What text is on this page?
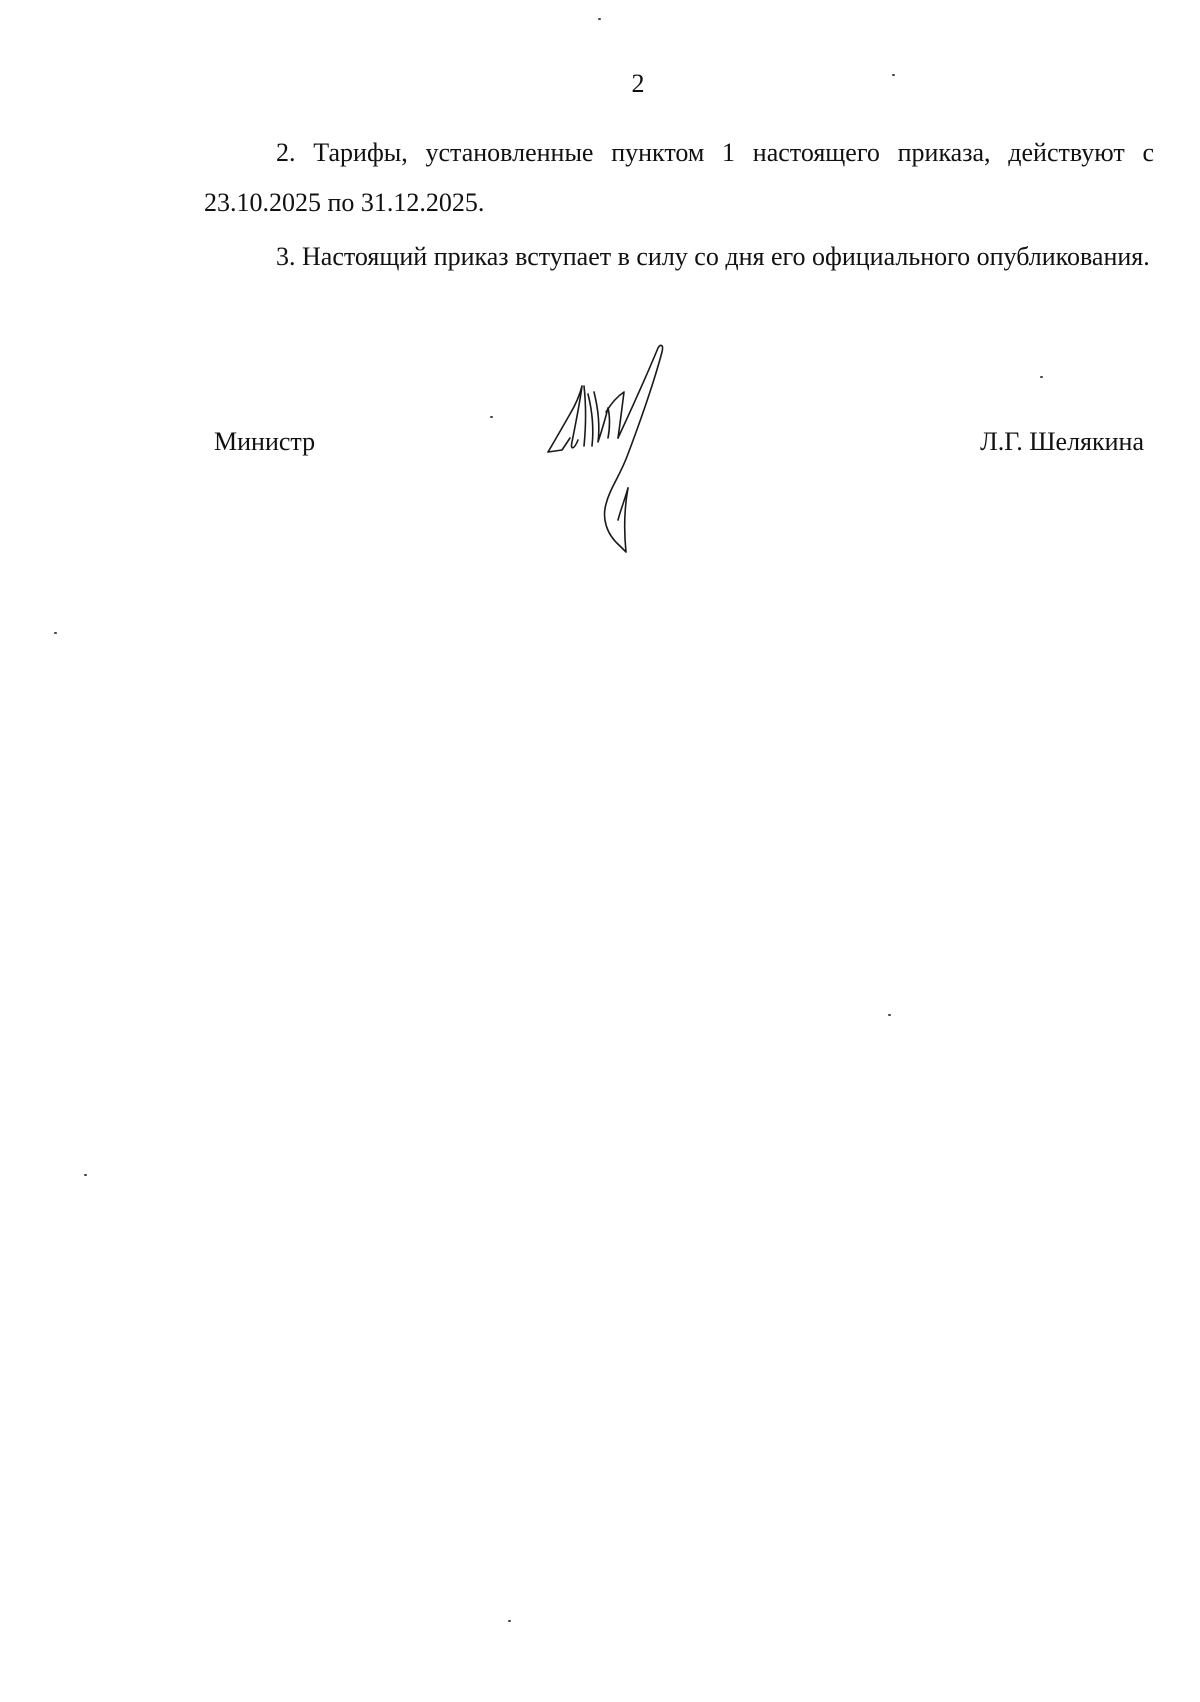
2

2. Тарифы, установленные пунктом 1 настоящего приказа, действуют с 23.10.2025 по 31.12.2025.

3. Настоящий приказ вступает в силу со дня его официального опубликования.

Министр	Л.Г. Шелякина
